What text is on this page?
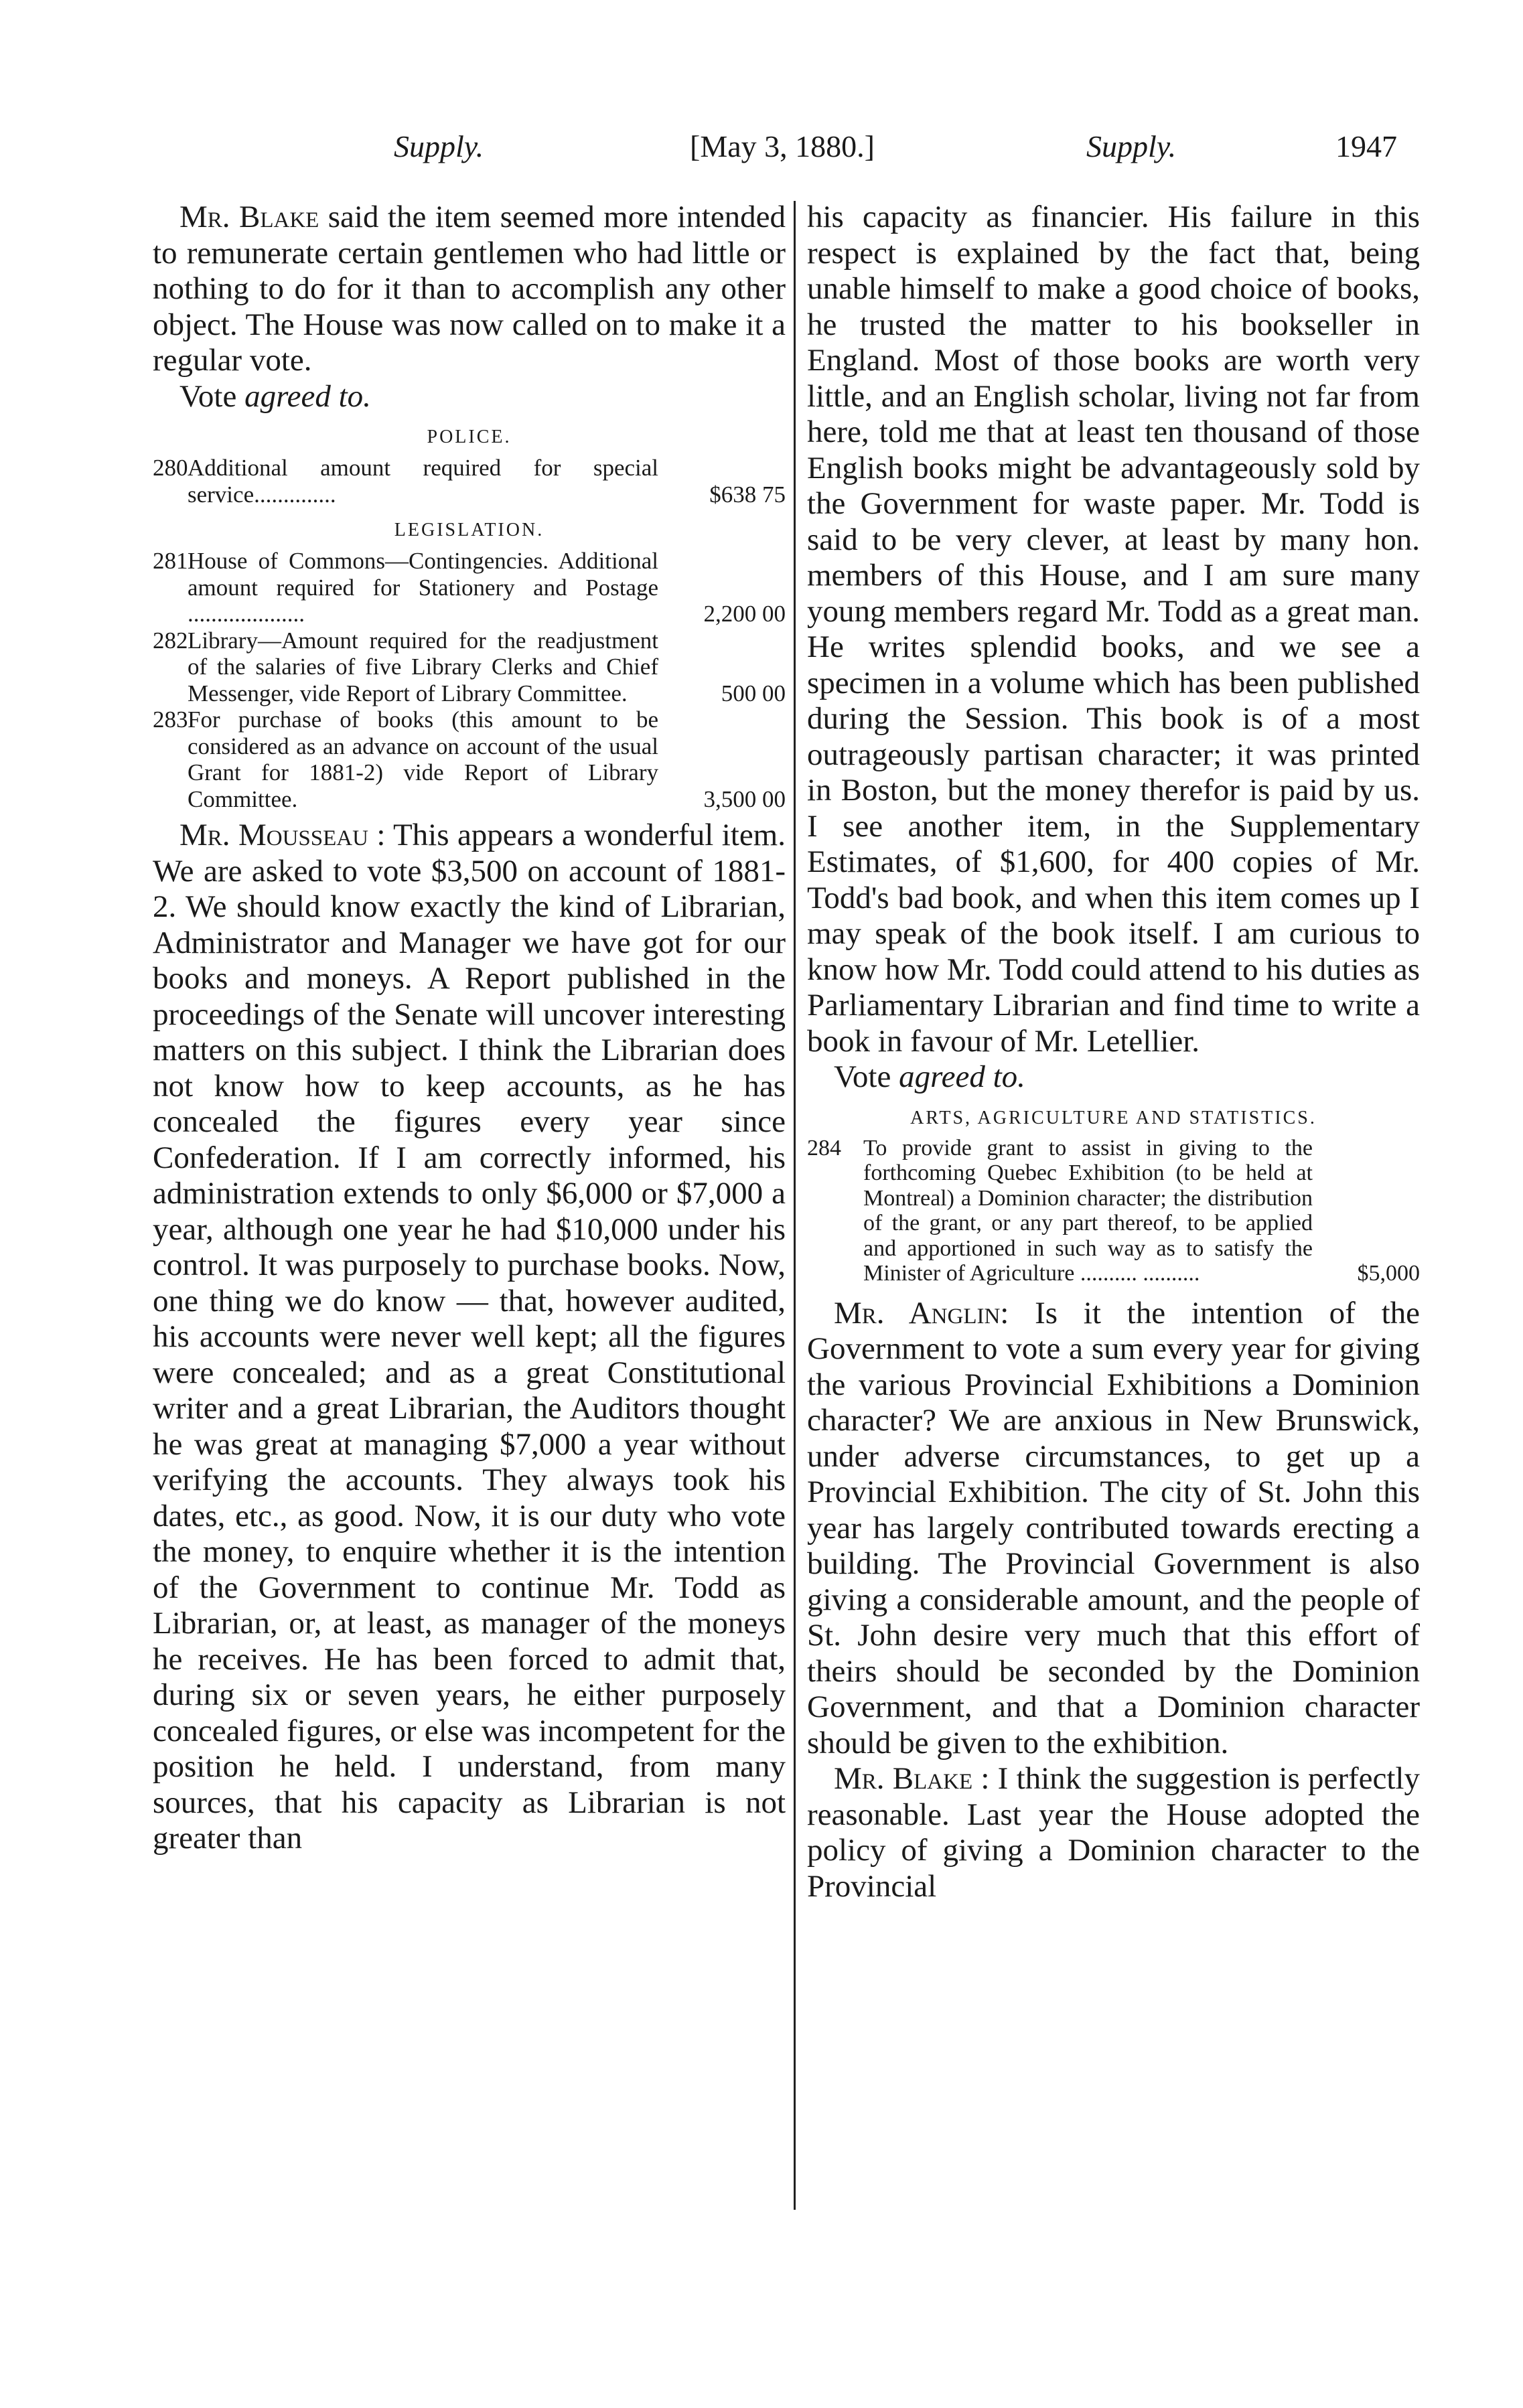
Supply.	[May 3, 1880.]	Supply.	1947

Mr. Blake said the item seemed more intended to remunerate certain gentlemen who had little or nothing to do for it than to accomplish any other object. The House was now called on to make it a regular vote.

Vote agreed to.

POLICE.
280 Additional amount required for special service..............	$638 75
LEGISLATION.
281 House of Commons—Contingencies. Additional amount required for Stationery and Postage ....................	2,200 00
282 Library—Amount required for the readjustment of the salaries of five Library Clerks and Chief Messenger, vide Report of Library Committee.	500 00
283 For purchase of books (this amount to be considered as an advance on account of the usual Grant for 1881-2) vide Report of Library Committee.	3,500 00

Mr. Mousseau : This appears a wonderful item. We are asked to vote $3,500 on account of 1881-2. We should know exactly the kind of Librarian, Administrator and Manager we have got for our books and moneys. A Report published in the proceedings of the Senate will uncover interesting matters on this subject. I think the Librarian does not know how to keep accounts, as he has concealed the figures every year since Confederation. If I am correctly informed, his administration extends to only $6,000 or $7,000 a year, although one year he had $10,000 under his control. It was purposely to purchase books. Now, one thing we do know — that, however audited, his accounts were never well kept; all the figures were concealed; and as a great Constitutional writer and a great Librarian, the Auditors thought he was great at managing $7,000 a year without verifying the accounts. They always took his dates, etc., as good. Now, it is our duty who vote the money, to enquire whether it is the intention of the Government to continue Mr. Todd as Librarian, or, at least, as manager of the moneys he receives. He has been forced to admit that, during six or seven years, he either purposely concealed figures, or else was incompetent for the position he held. I understand, from many sources, that his capacity as Librarian is not greater than

his capacity as financier. His failure in this respect is explained by the fact that, being unable himself to make a good choice of books, he trusted the matter to his bookseller in England. Most of those books are worth very little, and an English scholar, living not far from here, told me that at least ten thousand of those English books might be advantageously sold by the Government for waste paper. Mr. Todd is said to be very clever, at least by many hon. members of this House, and I am sure many young members regard Mr. Todd as a great man. He writes splendid books, and we see a specimen in a volume which has been published during the Session. This book is of a most outrageously partisan character; it was printed in Boston, but the money therefor is paid by us. I see another item, in the Supplementary Estimates, of $1,600, for 400 copies of Mr. Todd's bad book, and when this item comes up I may speak of the book itself. I am curious to know how Mr. Todd could attend to his duties as Parliamentary Librarian and find time to write a book in favour of Mr. Letellier.

Vote agreed to.

ARTS, AGRICULTURE AND STATISTICS.
284 To provide grant to assist in giving to the forthcoming Quebec Exhibition (to be held at Montreal) a Dominion character; the distribution of the grant, or any part thereof, to be applied and apportioned in such way as to satisfy the Minister of Agriculture .......... ..........	$5,000

Mr. Anglin: Is it the intention of the Government to vote a sum every year for giving the various Provincial Exhibitions a Dominion character? We are anxious in New Brunswick, under adverse circumstances, to get up a Provincial Exhibition. The city of St. John this year has largely contributed towards erecting a building. The Provincial Government is also giving a considerable amount, and the people of St. John desire very much that this effort of theirs should be seconded by the Dominion Government, and that a Dominion character should be given to the exhibition.

Mr. Blake : I think the suggestion is perfectly reasonable. Last year the House adopted the policy of giving a Dominion character to the Provincial
